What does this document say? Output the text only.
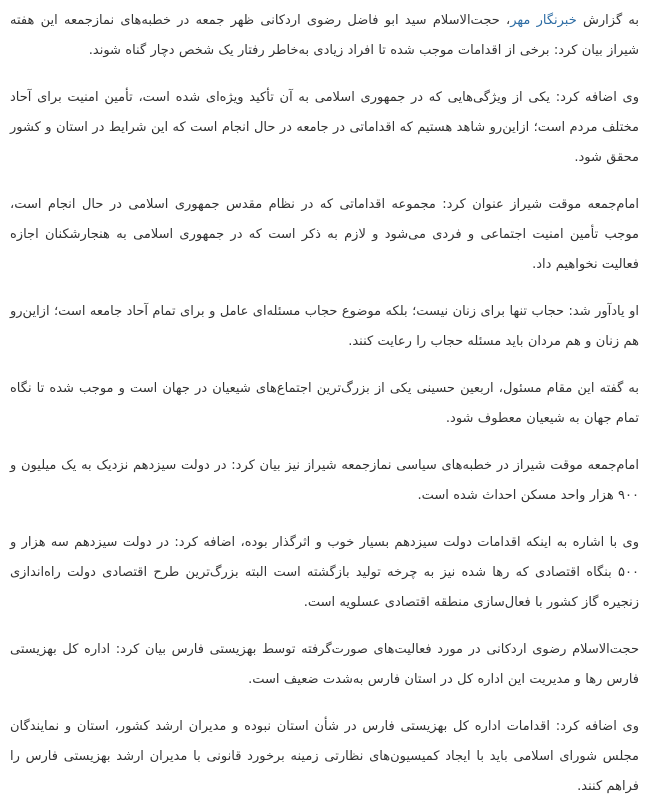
به گزارش خبرنگار مهر، حجت‌الاسلام سید ابو فاضل رضوی اردکانی ظهر جمعه در خطبه‌های نمازجمعه این هفته شیراز بیان کرد: برخی از اقدامات موجب شده تا افراد زیادی به‌خاطر رفتار یک شخص دچار گناه شوند.

وی اضافه کرد: یکی از ویژگی‌هایی که در جمهوری اسلامی به آن تأکید ویژه‌ای شده است، تأمین امنیت برای آحاد مختلف مردم است؛ ازاین‌رو شاهد هستیم که اقداماتی در جامعه در حال انجام است که این شرایط در استان و کشور محقق شود.

امام‌جمعه موقت شیراز عنوان کرد: مجموعه اقداماتی که در نظام مقدس جمهوری اسلامی در حال انجام است، موجب تأمین امنیت اجتماعی و فردی می‌شود و لازم به ذکر است که در جمهوری اسلامی به هنجارشکنان اجازه فعالیت نخواهیم داد.

او یادآور شد: حجاب تنها برای زنان نیست؛ بلکه موضوع حجاب مسئله‌ای عامل و برای تمام آحاد جامعه است؛ ازاین‌رو هم زنان و هم مردان باید مسئله حجاب را رعایت کنند.

به گفته این مقام مسئول، اربعین حسینی یکی از بزرگ‌ترین اجتماع‌های شیعیان در جهان است و موجب شده تا نگاه تمام جهان به شیعیان معطوف شود.

امام‌جمعه موقت شیراز در خطبه‌های سیاسی نمازجمعه شیراز نیز بیان کرد: در دولت سیزدهم نزدیک به یک میلیون و ۹۰۰ هزار واحد مسکن احداث شده است.

وی با اشاره به اینکه اقدامات دولت سیزدهم بسیار خوب و اثرگذار بوده، اضافه کرد: در دولت سیزدهم سه هزار و ۵۰۰ بنگاه اقتصادی که رها شده نیز به چرخه تولید بازگشته است البته بزرگ‌ترین طرح اقتصادی دولت راه‌اندازی زنجیره گاز کشور با فعال‌سازی منطقه اقتصادی عسلویه است.

حجت‌الاسلام رضوی اردکانی در مورد فعالیت‌های صورت‌گرفته توسط بهزیستی فارس بیان کرد: اداره کل بهزیستی فارس رها و مدیریت این اداره کل در استان فارس به‌شدت ضعیف است.

وی اضافه کرد: اقدامات اداره کل بهزیستی فارس در شأن استان نبوده و مدیران ارشد کشور، استان و نمایندگان مجلس شورای اسلامی باید با ایجاد کمیسیون‌های نظارتی زمینه برخورد قانونی با مدیران ارشد بهزیستی فارس را فراهم کنند.
